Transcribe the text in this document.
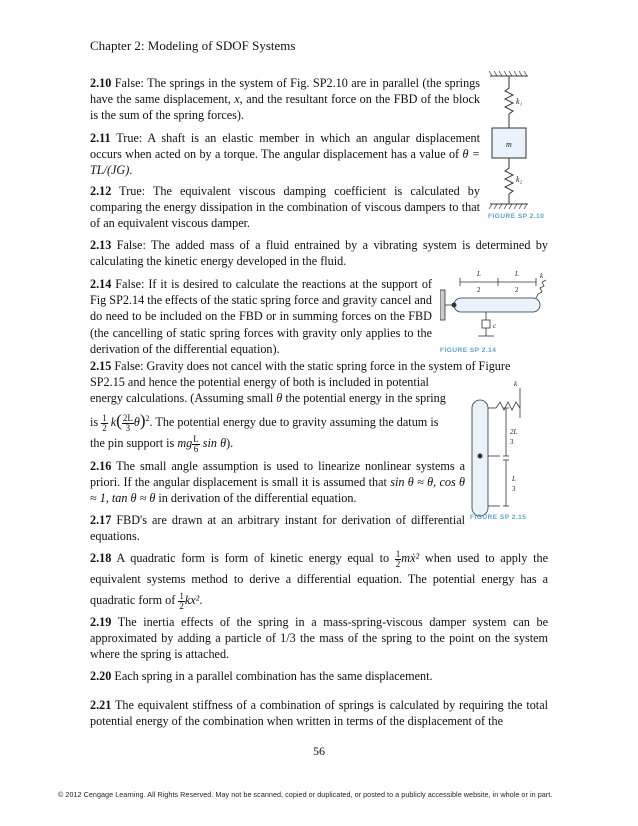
Chapter 2: Modeling of SDOF Systems
2.10 False: The springs in the system of Fig. SP2.10 are in parallel (the springs have the same displacement, x, and the resultant force on the FBD of the block is the sum of the spring forces).
2.11 True: A shaft is an elastic member in which an angular displacement occurs when acted on by a torque. The angular displacement has a value of θ = TL/(JG).
2.12 True: The equivalent viscous damping coefficient is calculated by comparing the energy dissipation in the combination of viscous dampers to that of an equivalent viscous damper.
2.13 False: The added mass of a fluid entrained by a vibrating system is determined by calculating the kinetic energy developed in the fluid.
2.14 False: If it is desired to calculate the reactions at the support of Fig SP2.14 the effects of the static spring force and gravity cancel and do need to be included on the FBD or in summing forces on the FBD (the cancelling of static spring forces with gravity only applies to the derivation of the differential equation).
2.15 False: Gravity does not cancel with the static spring force in the system of Figure

2.16 The small angle assumption is used to linearize nonlinear systems a priori. If the angular displacement is small it is assumed that sin θ ≈ θ, cos θ ≈ 1, tan θ ≈ θ in derivation of the differential equation.
2.17 FBD's are drawn at an arbitrary instant for derivation of differential equations.
2.18 A quadratic form is form of kinetic energy equal to $\frac{1}{2}$ mẋ² when used to apply the equivalent systems method to derive a differential equation. The potential energy has a quadratic form of $\frac{1}{2} kx^2$.
2.19 The inertia effects of the spring in a mass-spring-viscous damper system can be approximated by adding a particle of 1/3 the mass of the spring to the point on the system where the spring is attached.
2.20 Each spring in a parallel combination has the same displacement.
2.21 The equivalent stiffness of a combination of springs is calculated by requiring the total potential energy of the combination when written in terms of the displacement of the
SP2.15 and hence the potential energy of both is included in potential
energy calculations. (Assuming small θ the potential energy in the spring
is $\frac{1}{2} k( \frac{2L}{3} \theta)^2$. The potential energy due to gravity assuming the datum is
the pin support is mg $\frac{L}{6}$ sin θ).
k₁
m
k₂
FIGURE SP 2.10
L
2
L
2
k
c
FIGURE SP 2.14
k
2L
3
L
3
FIGURE SP 2.15
56
© 2012 Cengage Learning. All Rights Reserved. May not be scanned, copied or duplicated, or posted to a publicly accessible website, in whole or in part.
